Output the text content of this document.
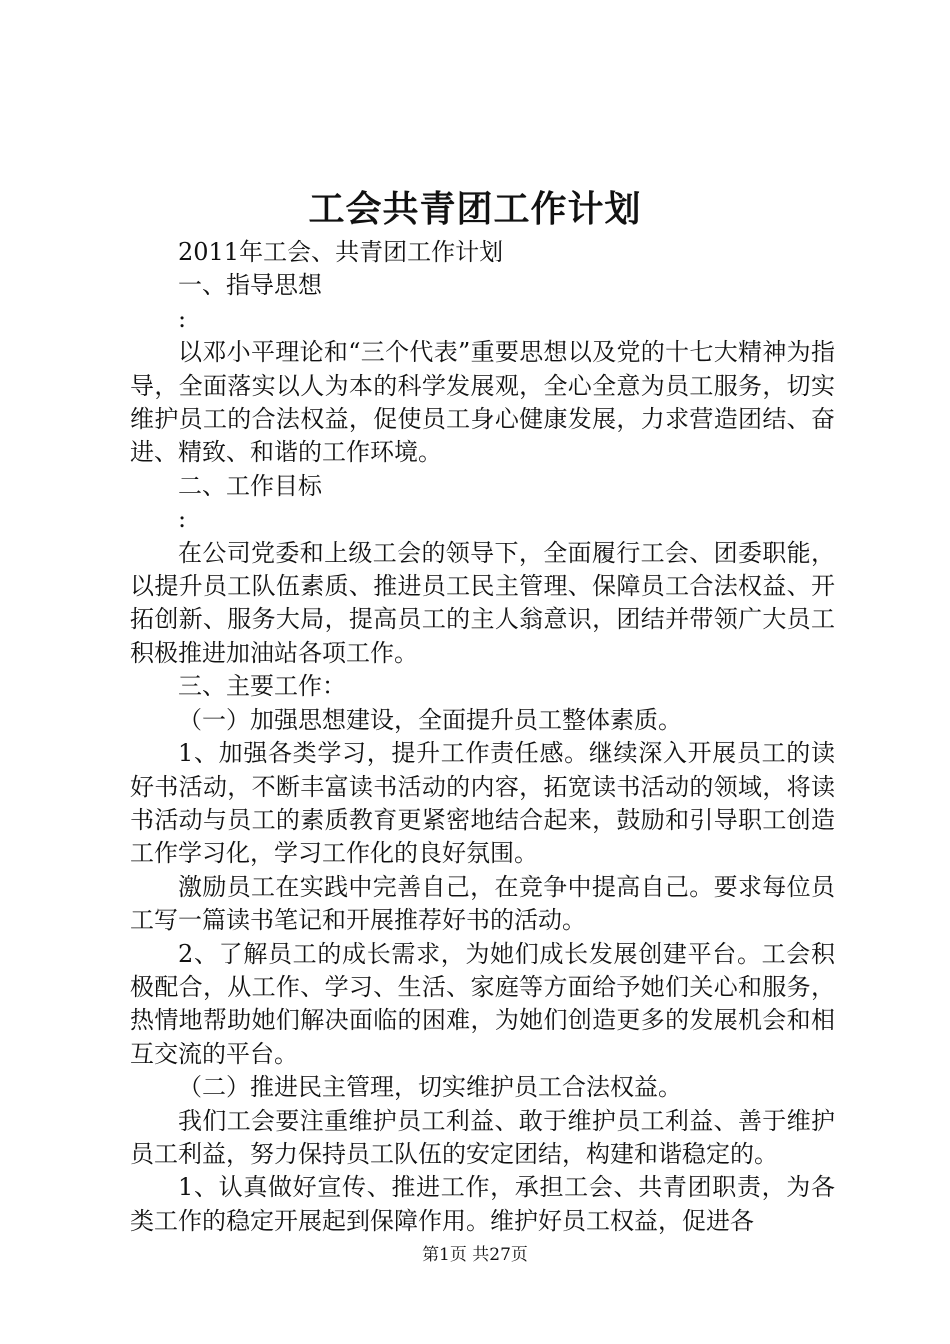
工会共青团工作计划

2011年工会、共青团工作计划

一、指导思想

:

以邓小平理论和“三个代表”重要思想以及党的十七大精神为指导，全面落实以人为本的科学发展观，全心全意为员工服务，切实维护员工的合法权益，促使员工身心健康发展，力求营造团结、奋进、精致、和谐的工作环境。

二、工作目标

:

在公司党委和上级工会的领导下，全面履行工会、团委职能，以提升员工队伍素质、推进员工民主管理、保障员工合法权益、开拓创新、服务大局，提高员工的主人翁意识，团结并带领广大员工积极推进加油站各项工作。

三、主要工作：

（一）加强思想建设，全面提升员工整体素质。

1、加强各类学习，提升工作责任感。继续深入开展员工的读好书活动，不断丰富读书活动的内容，拓宽读书活动的领域，将读书活动与员工的素质教育更紧密地结合起来，鼓励和引导职工创造工作学习化，学习工作化的良好氛围。

激励员工在实践中完善自己，在竞争中提高自己。要求每位员工写一篇读书笔记和开展推荐好书的活动。

2、了解员工的成长需求，为她们成长发展创建平台。工会积极配合，从工作、学习、生活、家庭等方面给予她们关心和服务，热情地帮助她们解决面临的困难，为她们创造更多的发展机会和相互交流的平台。

（二）推进民主管理，切实维护员工合法权益。

我们工会要注重维护员工利益、敢于维护员工利益、善于维护员工利益，努力保持员工队伍的安定团结，构建和谐稳定的。

1、认真做好宣传、推进工作，承担工会、共青团职责，为各类工作的稳定开展起到保障作用。维护好员工权益，促进各

第1页 共27页
